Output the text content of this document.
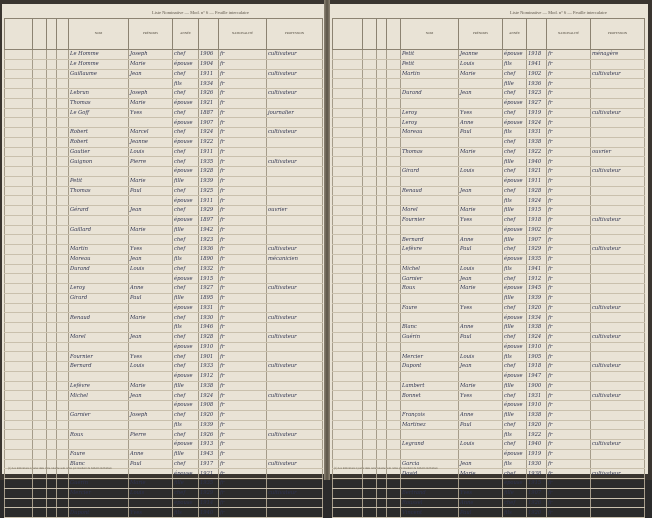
Liste Nominative — Mod. n° 6 — Feuille intercalaire
				NOM	PRÉNOMS	ANNÉE		NATIONALITÉ	PROFESSION
				Le Homme	Joseph	chef	1906	fr	cultivateur
				Le Homme	Marie	épouse	1904	fr	
				Guillaume	Jean	chef	1911	fr	cultivateur
						fils	1934	fr	
				Lebrun	Joseph	chef	1926	fr	cultivateur
				Thomas	Marie	épouse	1921	fr	
				Le Goff	Yves	chef	1887	fr	journalier
						épouse	1907	fr	
				Robert	Marcel	chef	1924	fr	cultivateur
				Robert	Jeanne	épouse	1922	fr	
				Gautier	Louis	chef	1911	fr	
				Guignon	Pierre	chef	1935	fr	cultivateur
						épouse	1928	fr	
				Petit	Marie	fille	1939	fr	
				Thomas	Paul	chef	1925	fr	
						épouse	1911	fr	
				Gérard	Jean	chef	1929	fr	ouvrier
						épouse	1897	fr	
				Gaillard	Marie	fille	1942	fr	
						chef	1923	fr	
				Martin	Yves	chef	1936	fr	cultivateur
				Moreau	Jean	fils	1890	fr	mécanicien
				Durand	Louis	chef	1932	fr	
						épouse	1915	fr	
				Leroy	Anne	chef	1927	fr	cultivateur
				Girard	Paul	fille	1895	fr	
						épouse	1931	fr	
				Renaud	Marie	chef	1930	fr	cultivateur
						fils	1946	fr	
				Morel	Jean	chef	1928	fr	cultivateur
						épouse	1910	fr	
				Fournier	Yves	chef	1901	fr	
				Bernard	Louis	chef	1933	fr	cultivateur
						épouse	1912	fr	
				Lefèvre	Marie	fille	1938	fr	
				Michel	Jean	chef	1924	fr	cultivateur
						épouse	1908	fr	
				Garnier	Joseph	chef	1920	fr	
						fils	1939	fr	
				Roux	Pierre	chef	1926	fr	cultivateur
						épouse	1913	fr	
				Faure	Anne	fille	1943	fr	
				Blanc	Paul	chef	1917	fr	cultivateur
						épouse	1921	fr	
				Guérin	Marie	fille	1935	fr	
				Mercier	Louis	chef	1929	fr	cultivateur
						épouse	1914	fr	
				Dupont	Yves	fils	1940	fr	
(1) Les indications à porter dans cette colonne sont celles qui résultent du bulletin individuel.
Liste Nominative — Mod. n° 6 — Feuille intercalaire
				NOM	PRÉNOMS	ANNÉE		NATIONALITÉ	PROFESSION
				Petit	Jeanne	épouse	1918	fr	ménagère
				Petit	Louis	fils	1941	fr	
				Martin	Marie	chef	1902	fr	cultivateur
						fille	1936	fr	
				Durand	Jean	chef	1923	fr	
						épouse	1927	fr	
				Leroy	Yves	chef	1919	fr	cultivateur
				Leroy	Anne	épouse	1924	fr	
				Moreau	Paul	fils	1931	fr	
						chef	1938	fr	
				Thomas	Marie	chef	1922	fr	ouvrier
						fille	1940	fr	
				Girard	Louis	chef	1921	fr	cultivateur
						épouse	1911	fr	
				Renaud	Jean	chef	1928	fr	
						fils	1924	fr	
				Morel	Marie	fille	1915	fr	
				Fournier	Yves	chef	1918	fr	cultivateur
						épouse	1902	fr	
				Bernard	Anne	fille	1907	fr	
				Lefèvre	Paul	chef	1929	fr	cultivateur
						épouse	1935	fr	
				Michel	Louis	fils	1941	fr	
				Garnier	Jean	chef	1912	fr	
				Roux	Marie	épouse	1945	fr	
						fille	1939	fr	
				Faure	Yves	chef	1920	fr	cultivateur
						épouse	1934	fr	
				Blanc	Anne	fille	1938	fr	
				Guérin	Paul	chef	1924	fr	cultivateur
						épouse	1910	fr	
				Mercier	Louis	fils	1905	fr	
				Dupont	Jean	chef	1918	fr	cultivateur
						épouse	1947	fr	
				Lambert	Marie	fille	1900	fr	
				Bonnet	Yves	chef	1931	fr	cultivateur
						épouse	1910	fr	
				François	Anne	fille	1938	fr	
				Martinez	Paul	chef	1920	fr	
						fils	1922	fr	
				Legrand	Louis	chef	1940	fr	cultivateur
						épouse	1919	fr	
				Garcia	Jean	fils	1930	fr	
				David	Marie	chef	1938	fr	cultivateur
						épouse	1915	fr	
				Bertrand	Yves	fille	1907	fr	
				Roussel	Anne	chef	1926	fr	
				Vincent	Paul	fils	1920	fr	
(1) Les indications à porter dans cette colonne sont celles qui résultent du bulletin individuel.
